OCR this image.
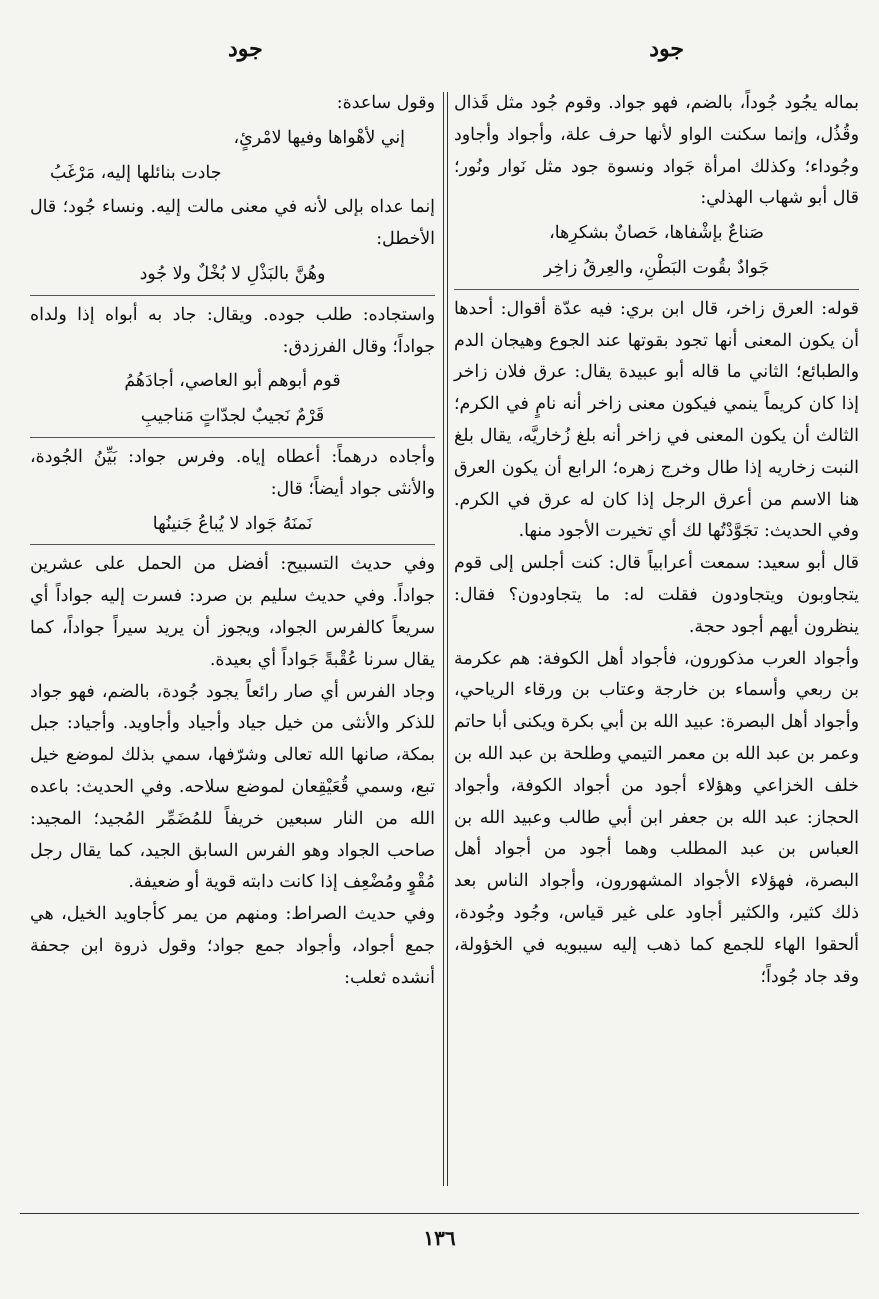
جود
جود

بماله يجُود جُوداً، بالضم، فهو جواد. وقوم جُود مثل قَذال وقُذُل، وإنما سكنت الواو لأنها حرف علة، وأجواد وأجاود وجُوداء؛ وكذلك امرأة جَواد ونسوة جود مثل نَوار ونُور؛ قال أبو شهاب الهذلي:

صَناعٌ بإشْفاها، حَصانٌ بشكرِها،

جَوادٌ بقُوت البَطْنِ، والعِرقُ زاخِر

قوله: العرق زاخر، قال ابن بري: فيه عدّة أقوال: أحدها أن يكون المعنى أنها تجود بقوتها عند الجوع وهيجان الدم والطبائع؛ الثاني ما قاله أبو عبيدة يقال: عرق فلان زاخر إذا كان كريماً ينمي فيكون معنى زاخر أنه نامٍ في الكرم؛ الثالث أن يكون المعنى في زاخر أنه بلغ زُخاريَّه، يقال بلغ النبت زخاريه إذا طال وخرج زهره؛ الرابع أن يكون العرق هنا الاسم من أعرق الرجل إذا كان له عرق في الكرم. وفي الحديث: تجَوَّدْتُها لك أي تخيرت الأجود منها.

قال أبو سعيد: سمعت أعرابياً قال: كنت أجلس إلى قوم يتجاوبون ويتجاودون فقلت له: ما يتجاودون؟ فقال: ينظرون أيهم أجود حجة.

وأجواد العرب مذكورون، فأجواد أهل الكوفة: هم عكرمة بن ربعي وأسماء بن خارجة وعتاب بن ورقاء الرياحي، وأجواد أهل البصرة: عبيد الله بن أبي بكرة ويكنى أبا حاتم وعمر بن عبد الله بن معمر التيمي وطلحة بن عبد الله بن خلف الخزاعي وهؤلاء أجود من أجواد الكوفة، وأجواد الحجاز: عبد الله بن جعفر ابن أبي طالب وعبيد الله بن العباس بن عبد المطلب وهما أجود من أجواد أهل البصرة، فهؤلاء الأجواد المشهورون، وأجواد الناس بعد ذلك كثير، والكثير أجاود على غير قياس، وجُود وجُودة، ألحقوا الهاء للجمع كما ذهب إليه سيبويه في الخؤولة، وقد جاد جُوداً؛

وقول ساعدة:

إني لأهْواها وفيها لامْرئٍ،

جادت بنائلها إليه، مَرْغَبُ

إنما عداه بإلى لأنه في معنى مالت إليه. ونساء جُود؛ قال الأخطل:

وهُنَّ بالبَذْلِ لا بُخْلٌ ولا جُود

واستجاده: طلب جوده. ويقال: جاد به أبواه إذا ولداه جواداً؛ وقال الفرزدق:

قوم أبوهم أبو العاصي، أجادَهُمُ

قَرْمٌ نَجيبٌ لجدّاتٍ مَناجيبِ

وأجاده درهماً: أعطاه إياه. وفرس جواد: بَيِّنُ الجُودة، والأنثى جواد أيضاً؛ قال:

نَمنَهُ جَواد لا يُباعُ جَنينُها

وفي حديث التسبيح: أفضل من الحمل على عشرين جواداً. وفي حديث سليم بن صرد: فسرت إليه جواداً أي سريعاً كالفرس الجواد، ويجوز أن يريد سيراً جواداً، كما يقال سرنا عُقْبةً جَواداً أي بعيدة.

وجاد الفرس أي صار رائعاً يجود جُودة، بالضم، فهو جواد للذكر والأنثى من خيل جياد وأجياد وأجاويد. وأجياد: جبل بمكة، صانها الله تعالى وشرّفها، سمي بذلك لموضع خيل تبع، وسمي قُعَيْقِعان لموضع سلاحه. وفي الحديث: باعده الله من النار سبعين خريفاً للمُضَمِّر المُجيد؛ المجيد: صاحب الجواد وهو الفرس السابق الجيد، كما يقال رجل مُقْوٍ ومُضْعِف إذا كانت دابته قوية أو ضعيفة.

وفي حديث الصراط: ومنهم من يمر كأجاويد الخيل، هي جمع أجواد، وأجواد جمع جواد؛ وقول ذروة ابن جحفة أنشده ثعلب:

١٣٦
